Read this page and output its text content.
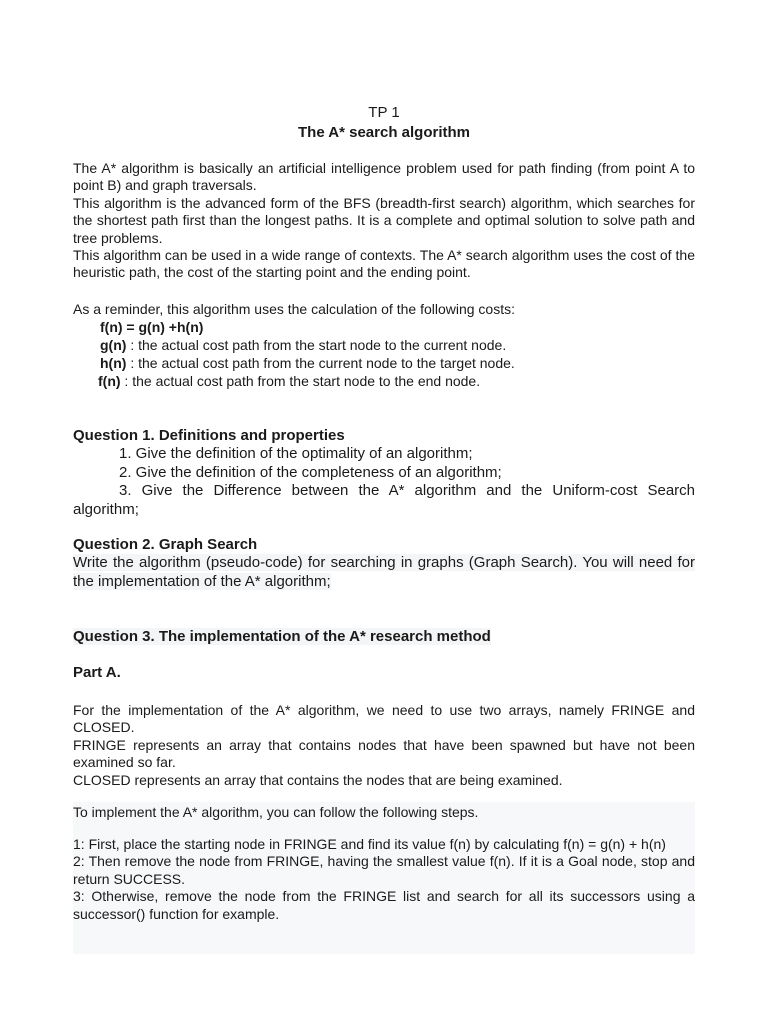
TP 1
The A* search algorithm

The A* algorithm is basically an artificial intelligence problem used for path finding (from point A to point B) and graph traversals.

This algorithm is the advanced form of the BFS (breadth-first search) algorithm, which searches for the shortest path first than the longest paths. It is a complete and optimal solution to solve path and tree problems.

This algorithm can be used in a wide range of contexts. The A* search algorithm uses the cost of the heuristic path, the cost of the starting point and the ending point.

As a reminder, this algorithm uses the calculation of the following costs:

f(n) = g(n) +h(n)

g(n) : the actual cost path from the start node to the current node.

h(n) : the actual cost path from the current node to the target node.

f(n) : the actual cost path from the start node to the end node.

Question 1. Definitions and properties

1. Give the definition of the optimality of an algorithm;

2. Give the definition of the completeness of an algorithm;

3. Give the Difference between the A* algorithm and the Uniform-cost Search algorithm;

Question 2. Graph Search

Write the algorithm (pseudo-code) for searching in graphs (Graph Search). You will need for the implementation of the A* algorithm;

Question 3. The implementation of the A* research method

Part A.

For the implementation of the A* algorithm, we need to use two arrays, namely FRINGE and CLOSED.

FRINGE represents an array that contains nodes that have been spawned but have not been examined so far.

CLOSED represents an array that contains the nodes that are being examined.

To implement the A* algorithm, you can follow the following steps.

1: First, place the starting node in FRINGE and find its value f(n) by calculating f(n) = g(n) + h(n)

2: Then remove the node from FRINGE, having the smallest value f(n). If it is a Goal node, stop and return SUCCESS.

3: Otherwise, remove the node from the FRINGE list and search for all its successors using a successor() function for example.
